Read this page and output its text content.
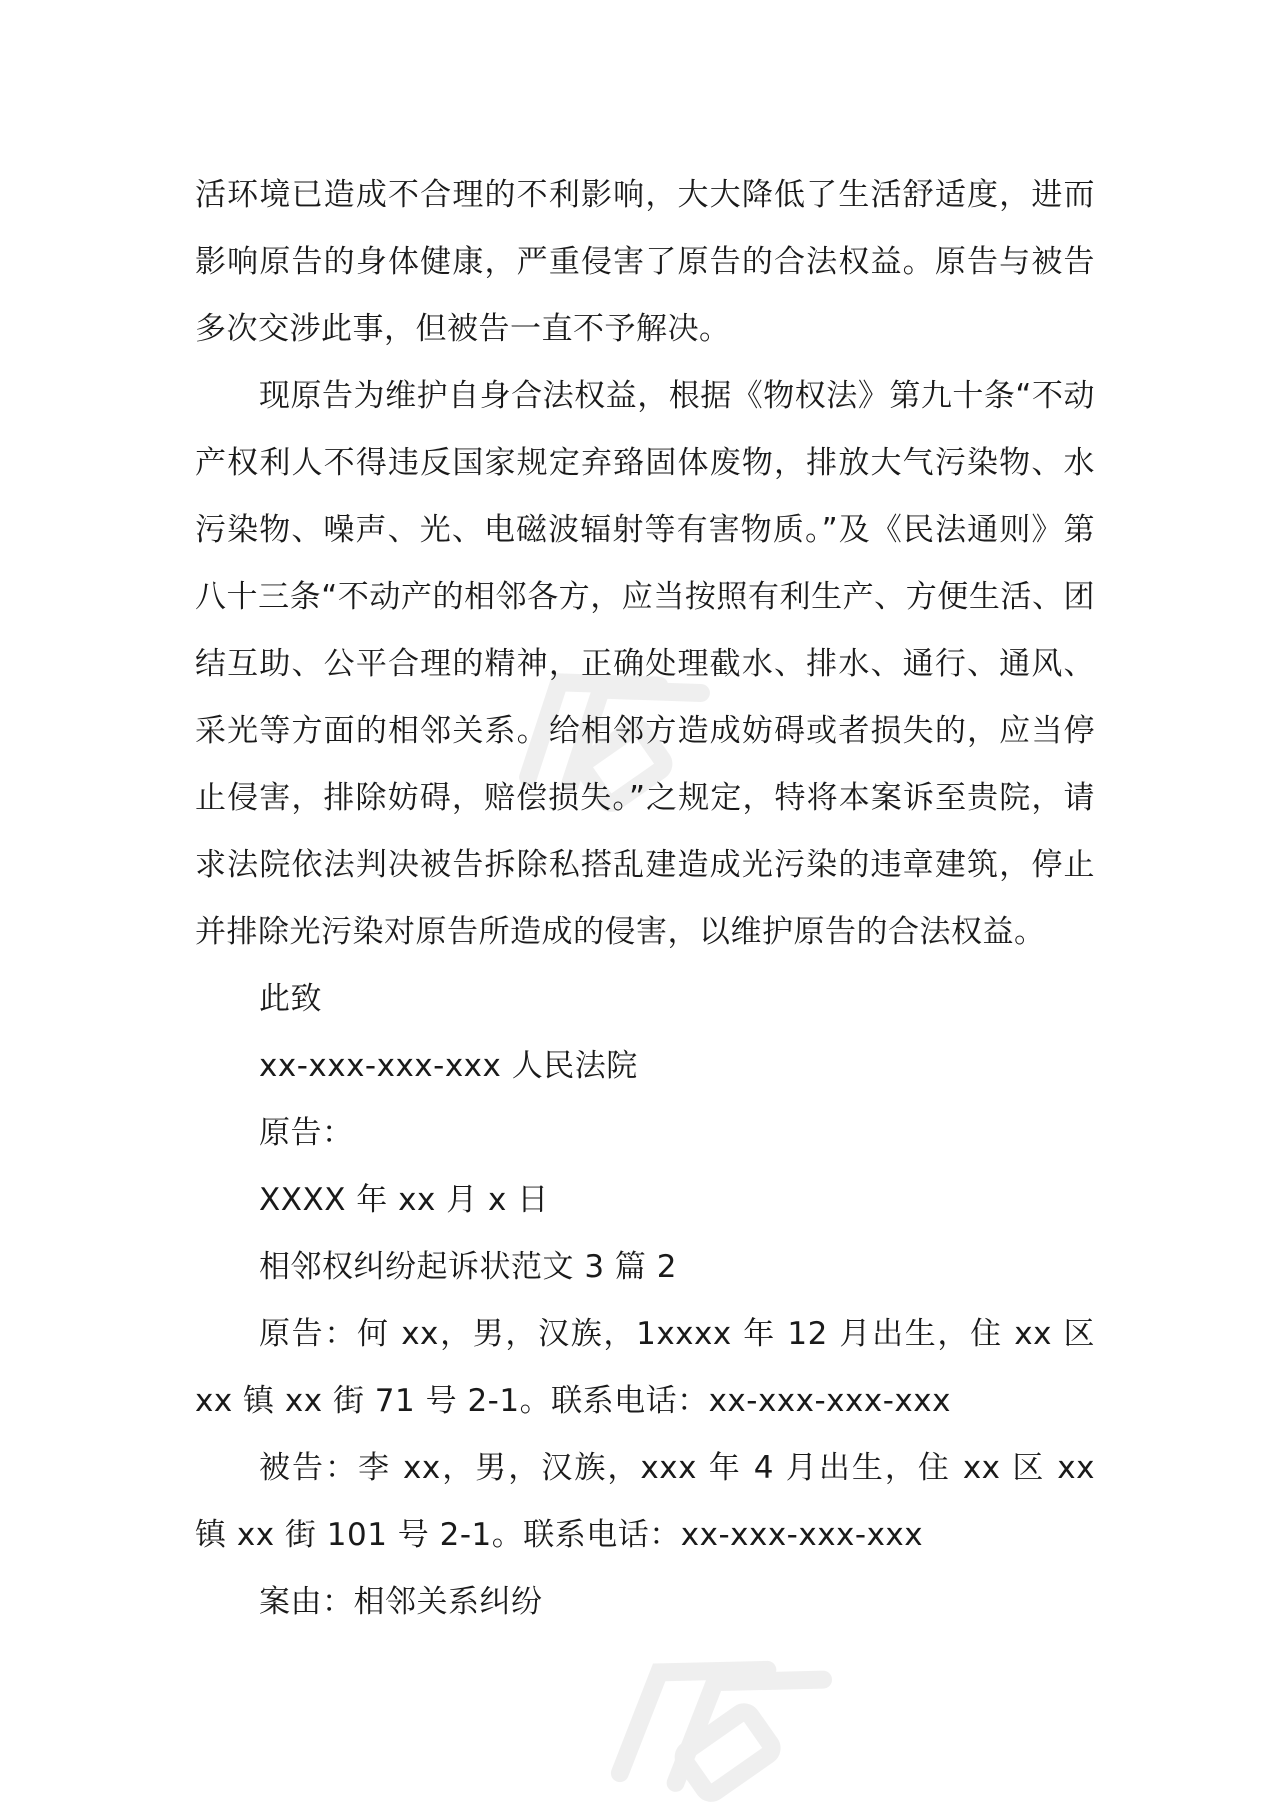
活环境已造成不合理的不利影响，大大降低了生活舒适度，进而影响原告的身体健康，严重侵害了原告的合法权益。原告与被告多次交涉此事，但被告一直不予解决。

现原告为维护自身合法权益，根据《物权法》第九十条“不动产权利人不得违反国家规定弃臵固体废物，排放大气污染物、水污染物、噪声、光、电磁波辐射等有害物质。”及《民法通则》第八十三条“不动产的相邻各方，应当按照有利生产、方便生活、团结互助、公平合理的精神，正确处理截水、排水、通行、通风、采光等方面的相邻关系。给相邻方造成妨碍或者损失的，应当停止侵害，排除妨碍，赔偿损失。”之规定，特将本案诉至贵院，请求法院依法判决被告拆除私搭乱建造成光污染的违章建筑，停止并排除光污染对原告所造成的侵害，以维护原告的合法权益。

此致

xx-xxx-xxx-xxx 人民法院

原告：

XXXX 年 xx 月 x 日

相邻权纠纷起诉状范文 3 篇 2

原告：何 xx，男，汉族，1xxxx 年 12 月出生，住 xx 区 xx 镇 xx 街 71 号 2-1。联系电话：xx-xxx-xxx-xxx

被告：李 xx，男，汉族，xxx 年 4 月出生，住 xx 区 xx 镇 xx 街 101 号 2-1。联系电话：xx-xxx-xxx-xxx

案由：相邻关系纠纷
